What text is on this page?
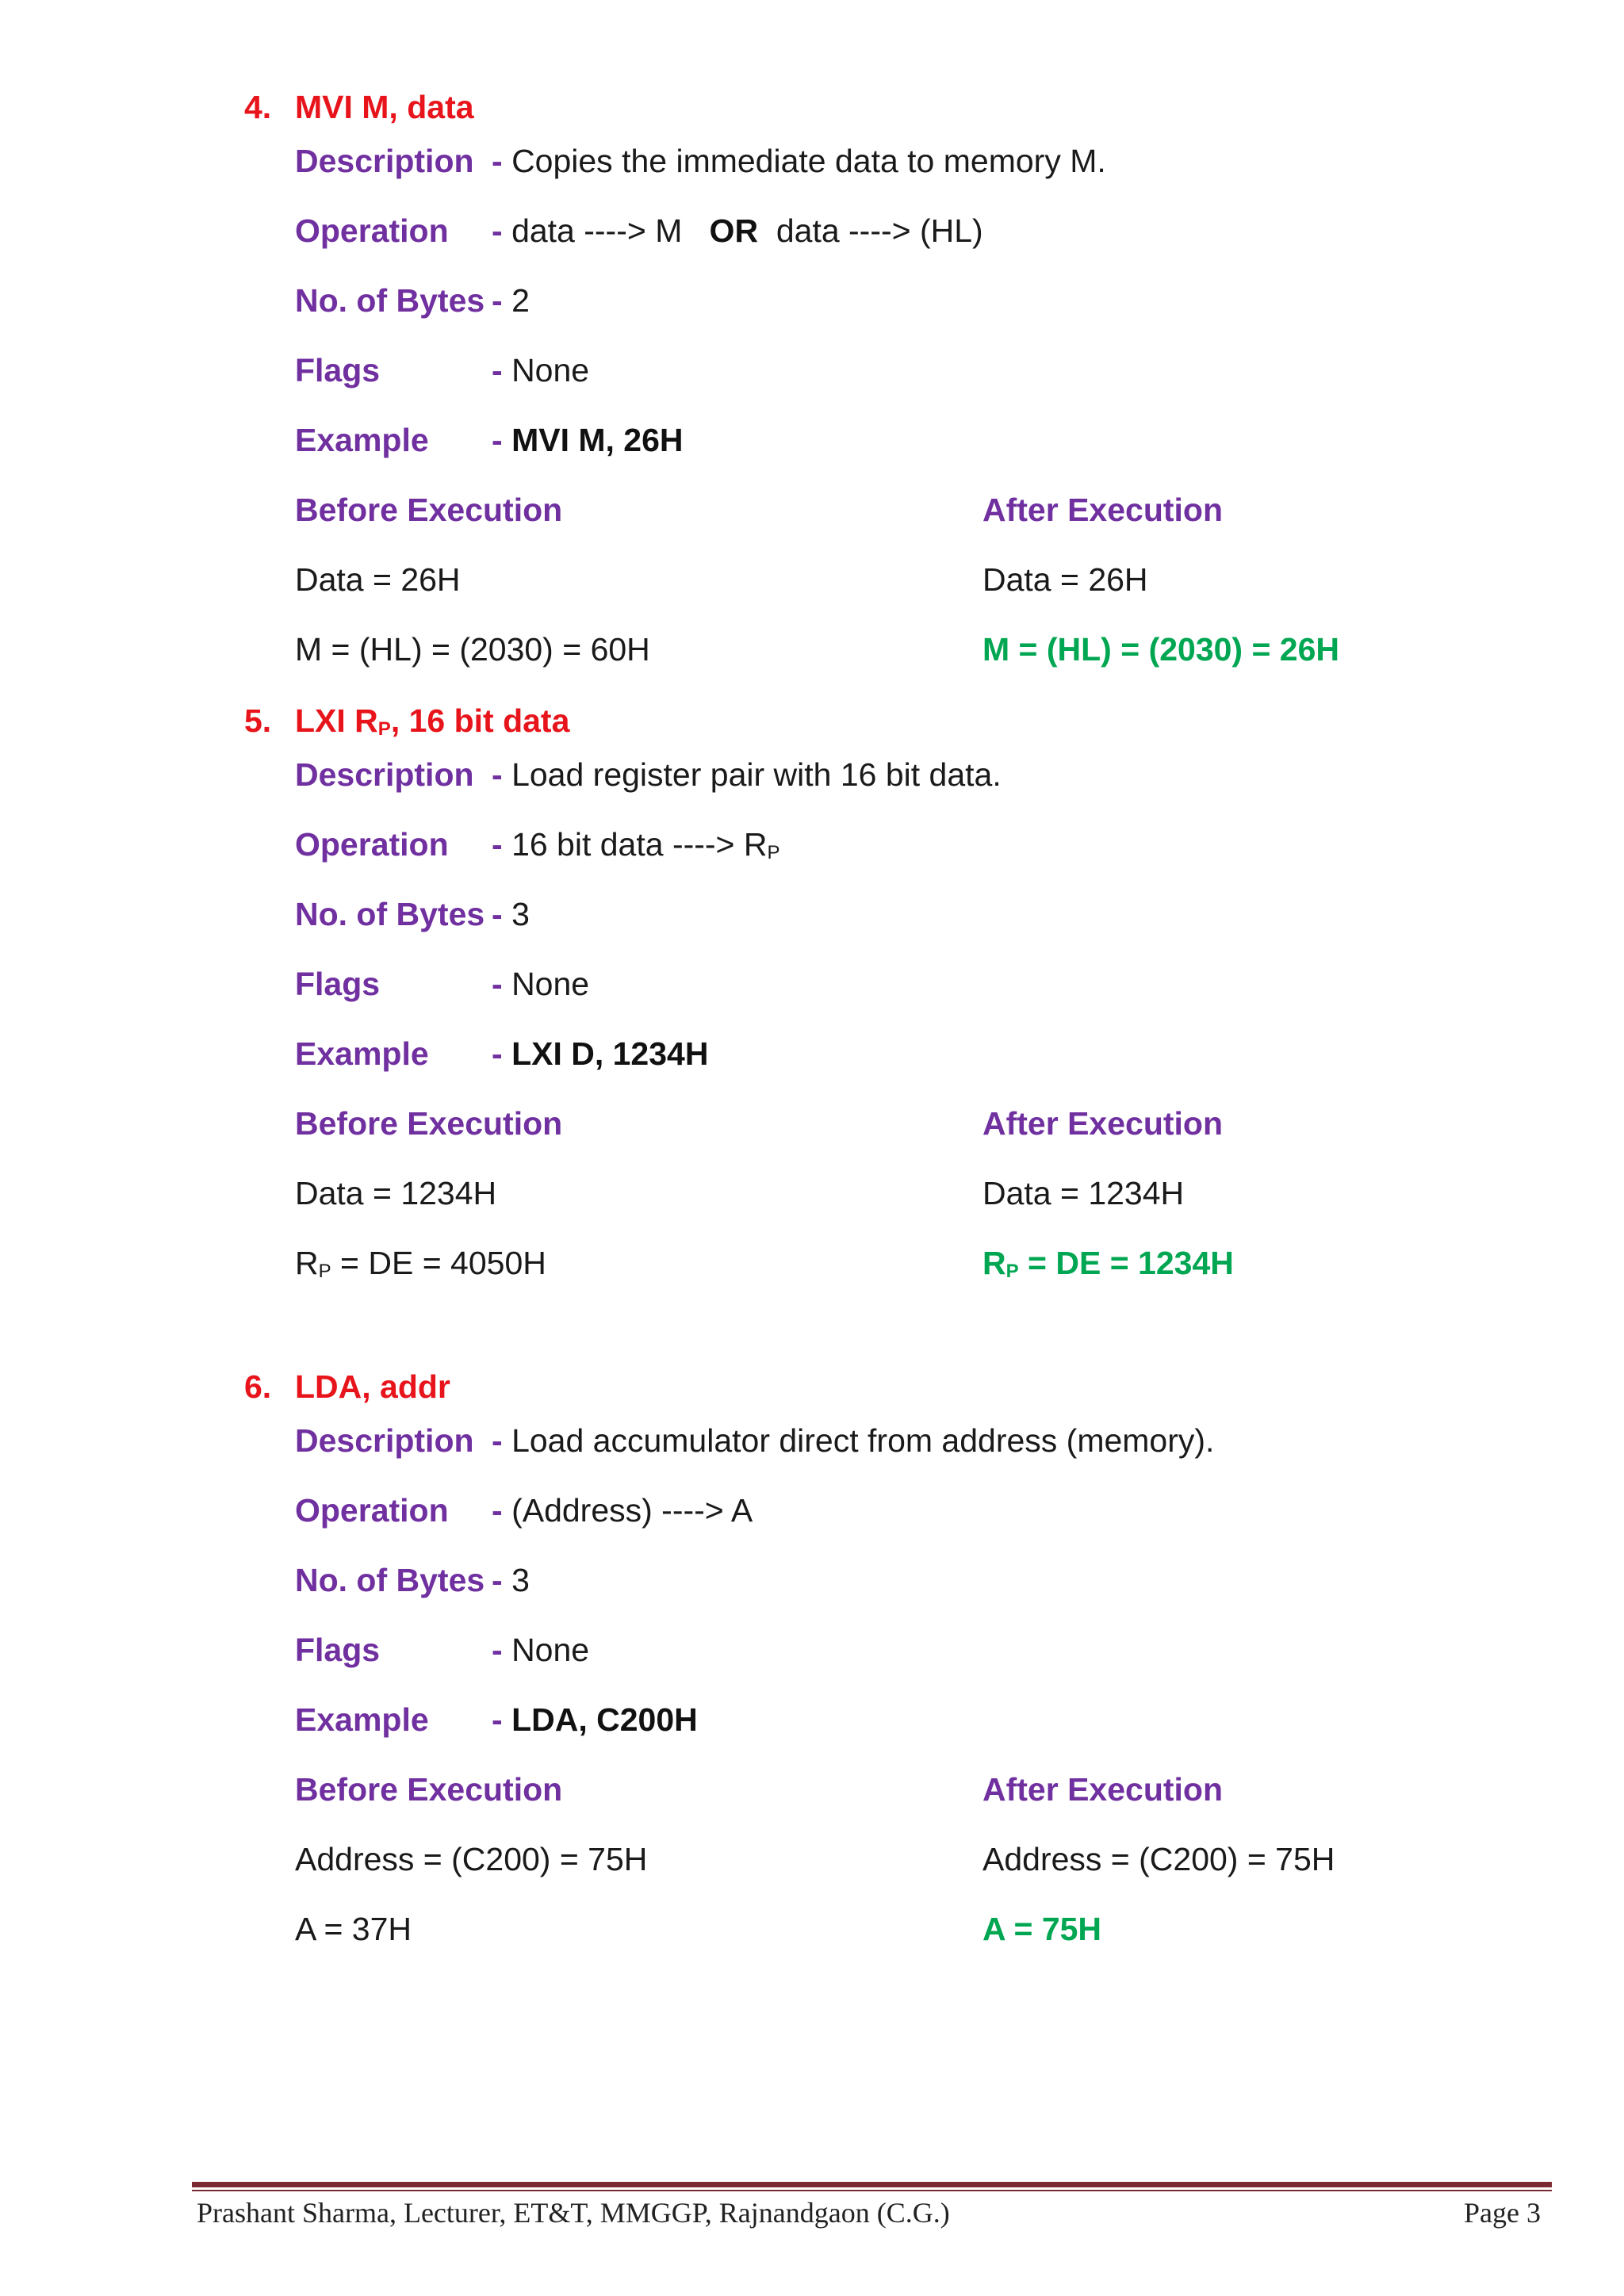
4. MVI M, data
Description - Copies the immediate data to memory M.
Operation - data ----> M OR data ----> (HL)
No. of Bytes - 2
Flags	- None
Example - MVI M, 26H
Before Execution	After Execution
Data = 26H	Data = 26H
M = (HL) = (2030) = 60H	M = (HL) = (2030) = 26H
5. LXI $R_P$, 16 bit data
Description - Load register pair with 16 bit data.
Operation - 16 bit data ----> $R_P$
No. of Bytes - 3
Flags	- None
Example - LXI D, 1234H
Before Execution	After Execution
Data = 1234H	Data = 1234H
$R_P$ = DE = 4050H	$R_P$ = DE = 1234H
6. LDA, addr
Description - Load accumulator direct from address (memory).
Operation - (Address) ----> A
No. of Bytes - 3
Flags	- None
Example - LDA, C200H
Before Execution	After Execution
Address = (C200) = 75H	Address = (C200) = 75H
A = 37H	A = 75H
Prashant Sharma, Lecturer, ET&T, MMGGP, Rajnandgaon (C.G.)	Page 3
